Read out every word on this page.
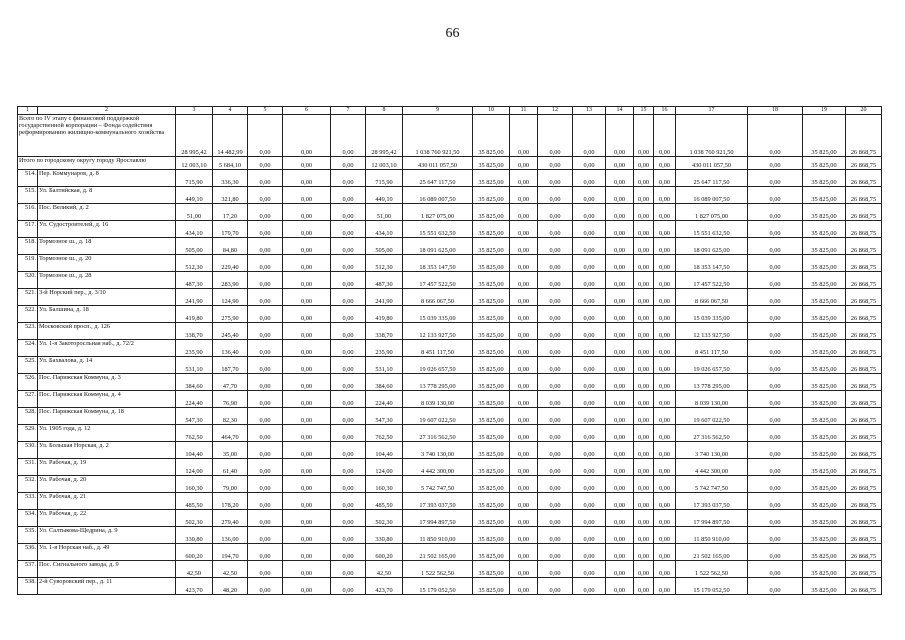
66
1	2	3	4	5	6	7	8	9	10	11	12	13	14	15	16	17	18	19	20
Всего по IV этапу с финансовой поддержкой государственной корпорации – Фонда содействия реформированию жилищно-коммунального хозяйства		28 995,42	14 482,99	0,00	0,00	0,00	28 995,42	1 038 760 921,50	35 825,00	0,00	0,00	0,00	0,00	0,00	0,00	1 038 760 921,50	0,00	35 825,00	26 868,75
Итого по городскому округу городу Ярославлю		12 003,10	5 684,10	0,00	0,00	0,00	12 003,10	430 011 057,50	35 825,00	0,00	0,00	0,00	0,00	0,00	0,00	430 011 057,50	0,00	35 825,00	26 868,75
514.	Пер. Коммунаров, д. 8	715,90	336,30	0,00	0,00	0,00	715,90	25 647 117,50	35 825,00	0,00	0,00	0,00	0,00	0,00	0,00	25 647 117,50	0,00	35 825,00	26 868,75
515.	Ул. Балтийская, д. 8	449,10	321,80	0,00	0,00	0,00	449,10	16 089 007,50	35 825,00	0,00	0,00	0,00	0,00	0,00	0,00	16 089 007,50	0,00	35 825,00	26 868,75
516.	Пос. Великий, д. 2	51,00	17,20	0,00	0,00	0,00	51,00	1 827 075,00	35 825,00	0,00	0,00	0,00	0,00	0,00	0,00	1 827 075,00	0,00	35 825,00	26 868,75
517.	Ул. Судостроителей, д. 16	434,10	179,70	0,00	0,00	0,00	434,10	15 551 632,50	35 825,00	0,00	0,00	0,00	0,00	0,00	0,00	15 551 632,50	0,00	35 825,00	26 868,75
518.	Тормозное ш., д. 18	505,00	84,80	0,00	0,00	0,00	505,00	18 091 625,00	35 825,00	0,00	0,00	0,00	0,00	0,00	0,00	18 091 625,00	0,00	35 825,00	26 868,75
519.	Тормозное ш., д. 20	512,30	229,40	0,00	0,00	0,00	512,30	18 353 147,50	35 825,00	0,00	0,00	0,00	0,00	0,00	0,00	18 353 147,50	0,00	35 825,00	26 868,75
520.	Тормозное ш., д. 28	487,30	283,90	0,00	0,00	0,00	487,30	17 457 522,50	35 825,00	0,00	0,00	0,00	0,00	0,00	0,00	17 457 522,50	0,00	35 825,00	26 868,75
521.	3-й Норский пер., д. 3/10	241,90	124,90	0,00	0,00	0,00	241,90	8 666 067,50	35 825,00	0,00	0,00	0,00	0,00	0,00	0,00	8 666 067,50	0,00	35 825,00	26 868,75
522.	Ул. Балшина, д. 18	419,80	275,90	0,00	0,00	0,00	419,80	15 039 335,00	35 825,00	0,00	0,00	0,00	0,00	0,00	0,00	15 039 335,00	0,00	35 825,00	26 868,75
523.	Московский просп., д. 126	338,70	245,40	0,00	0,00	0,00	338,70	12 133 927,50	35 825,00	0,00	0,00	0,00	0,00	0,00	0,00	12 133 927,50	0,00	35 825,00	26 868,75
524.	Ул. 1-я Закоторосльная наб., д. 72/2	235,90	136,40	0,00	0,00	0,00	235,90	8 451 117,50	35 825,00	0,00	0,00	0,00	0,00	0,00	0,00	8 451 117,50	0,00	35 825,00	26 868,75
525.	Ул. Бахвалова, д. 14	531,10	187,70	0,00	0,00	0,00	531,10	19 026 657,50	35 825,00	0,00	0,00	0,00	0,00	0,00	0,00	19 026 657,50	0,00	35 825,00	26 868,75
526.	Пос. Парижская Коммуна, д. 3	384,60	47,70	0,00	0,00	0,00	384,60	13 778 295,00	35 825,00	0,00	0,00	0,00	0,00	0,00	0,00	13 778 295,00	0,00	35 825,00	26 868,75
527.	Пос. Парижская Коммуна, д. 4	224,40	76,90	0,00	0,00	0,00	224,40	8 039 130,00	35 825,00	0,00	0,00	0,00	0,00	0,00	0,00	8 039 130,00	0,00	35 825,00	26 868,75
528.	Пос. Парижская Коммуна, д. 18	547,30	82,30	0,00	0,00	0,00	547,30	19 607 022,50	35 825,00	0,00	0,00	0,00	0,00	0,00	0,00	19 607 022,50	0,00	35 825,00	26 868,75
529.	Ул. 1905 года, д. 12	762,50	464,70	0,00	0,00	0,00	762,50	27 316 562,50	35 825,00	0,00	0,00	0,00	0,00	0,00	0,00	27 316 562,50	0,00	35 825,00	26 868,75
530.	Ул. Большая Норская, д. 2	104,40	35,00	0,00	0,00	0,00	104,40	3 740 130,00	35 825,00	0,00	0,00	0,00	0,00	0,00	0,00	3 740 130,00	0,00	35 825,00	26 868,75
531.	Ул. Рабочая, д. 19	124,00	61,40	0,00	0,00	0,00	124,00	4 442 300,00	35 825,00	0,00	0,00	0,00	0,00	0,00	0,00	4 442 300,00	0,00	35 825,00	26 868,75
532.	Ул. Рабочая, д. 20	160,30	79,00	0,00	0,00	0,00	160,30	5 742 747,50	35 825,00	0,00	0,00	0,00	0,00	0,00	0,00	5 742 747,50	0,00	35 825,00	26 868,75
533.	Ул. Рабочая, д. 21	485,50	178,20	0,00	0,00	0,00	485,50	17 393 037,50	35 825,00	0,00	0,00	0,00	0,00	0,00	0,00	17 393 037,50	0,00	35 825,00	26 868,75
534.	Ул. Рабочая, д. 22	502,30	279,40	0,00	0,00	0,00	502,30	17 994 897,50	35 825,00	0,00	0,00	0,00	0,00	0,00	0,00	17 994 897,50	0,00	35 825,00	26 868,75
535.	Ул. Салтыкова-Щедрина, д. 9	330,80	136,00	0,00	0,00	0,00	330,80	11 850 910,00	35 825,00	0,00	0,00	0,00	0,00	0,00	0,00	11 850 910,00	0,00	35 825,00	26 868,75
536.	Ул. 1-я Норская наб., д. 49	600,20	194,70	0,00	0,00	0,00	600,20	21 502 165,00	35 825,00	0,00	0,00	0,00	0,00	0,00	0,00	21 502 165,00	0,00	35 825,00	26 868,75
537.	Пос. Сигнального завода, д. 9	42,50	42,50	0,00	0,00	0,00	42,50	1 522 562,50	35 825,00	0,00	0,00	0,00	0,00	0,00	0,00	1 522 562,50	0,00	35 825,00	26 868,75
538.	2-й Суворовский пер., д. 11	423,70	48,20	0,00	0,00	0,00	423,70	15 179 052,50	35 825,00	0,00	0,00	0,00	0,00	0,00	0,00	15 179 052,50	0,00	35 825,00	26 868,75
